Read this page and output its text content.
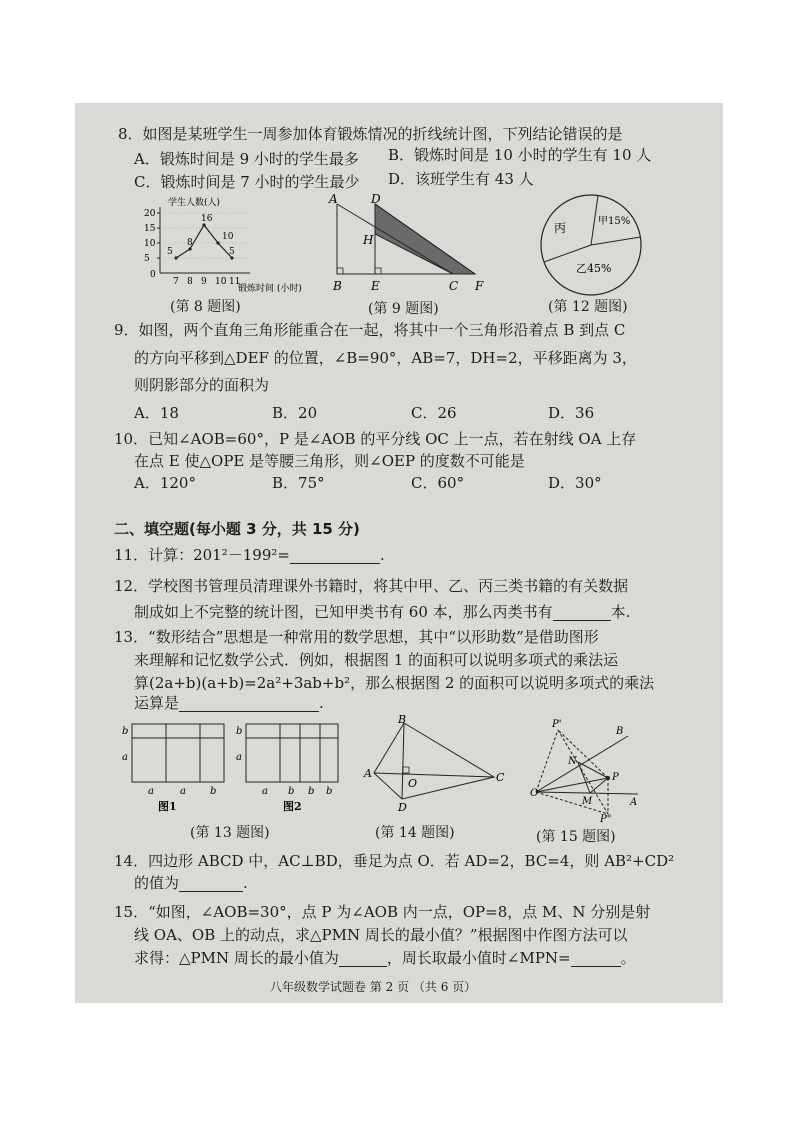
8．如图是某班学生一周参加体育锻炼情况的折线统计图，下列结论错误的是
A．锻炼时间是 9 小时的学生最多 B．锻炼时间是 10 小时的学生有 10 人
C．锻炼时间是 7 小时的学生最少 D．该班学生有 43 人
学生人数(人)
锻炼时间 (小时)
0
5
10
15
20
7 8 9 10 11
5
8
16
10
5
(第 8 题图)
A	D
H
B E	C F
(第 9 题图)
丙	甲15%
乙45%
(第 12 题图)
9．如图，两个直角三角形能重合在一起，将其中一个三角形沿着点 B 到点 C
的方向平移到△DEF 的位置，∠B=90°，AB=7，DH=2，平移距离为 3，
则阴影部分的面积为
A．18	B．20	C．26	D．36
10．已知∠AOB=60°，P 是∠AOB 的平分线 OC 上一点，若在射线 OA 上存
在点 E 使△OPE 是等腰三角形，则∠OEP 的度数不可能是
A．120°	B．75°	C．60°	D．30°
二、填空题(每小题 3 分，共 15 分)
11．计算：201²－199²=	.
12．学校图书管理员清理课外书籍时，将其中甲、乙、丙三类书籍的有关数据
制成如上不完整的统计图，已知甲类书有 60 本，那么丙类书有	本.
13．“数形结合”思想是一种常用的数学思想，其中“以形助数”是借助图形
来理解和记忆数学公式．例如，根据图 1 的面积可以说明多项式的乘法运
算(2a+b)(a+b)=2a²+3ab+b²，那么根据图 2 的面积可以说明多项式的乘法
运算是	.
b
a
a	a b
图1
b
a
a b b b
图2
(第 13 题图)
A
B
C
D
O
(第 14 题图)
P'
B
N
P
O
M	A
P"
(第 15 题图)
14．四边形 ABCD 中，AC⊥BD，垂足为点 O．若 AD=2，BC=4，则 AB²+CD²
的值为	.
15．“如图，∠AOB=30°，点 P 为∠AOB 内一点，OP=8，点 M、N 分别是射
线 OA、OB 上的动点，求△PMN 周长的最小值？”根据图中作图方法可以
求得：△PMN 周长的最小值为	，周长取最小值时∠MPN=	。
八年级数学试题卷 第 2 页 （共 6 页）
